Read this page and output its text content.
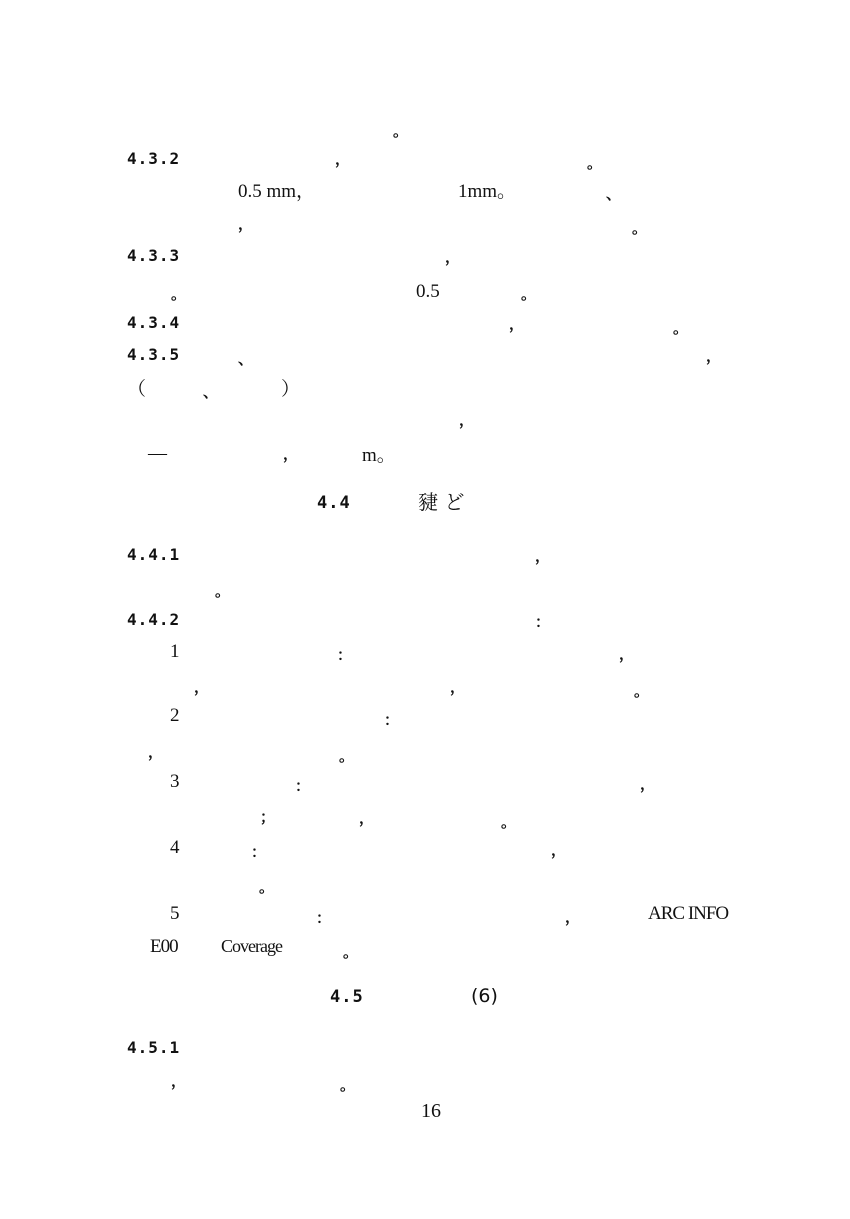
。
4.3.2	，	。
0.5 mm，	1mm。	、
，	。
4.3.3	，
。	0.5	。
4.3.4	，	。
4.3.5	、	，
（	、	）
，
—	，	m。
4.4	䝊 ど
4.4.1	，
。
4.4.2	：
1	：	，
，	，	。
2	：
，	。
3	：	，
；	，	。
4	：	，
。
5	：	，	ARC INFO
E00 Coverage	。
4.5	(6)
4.5.1
，	。
16
